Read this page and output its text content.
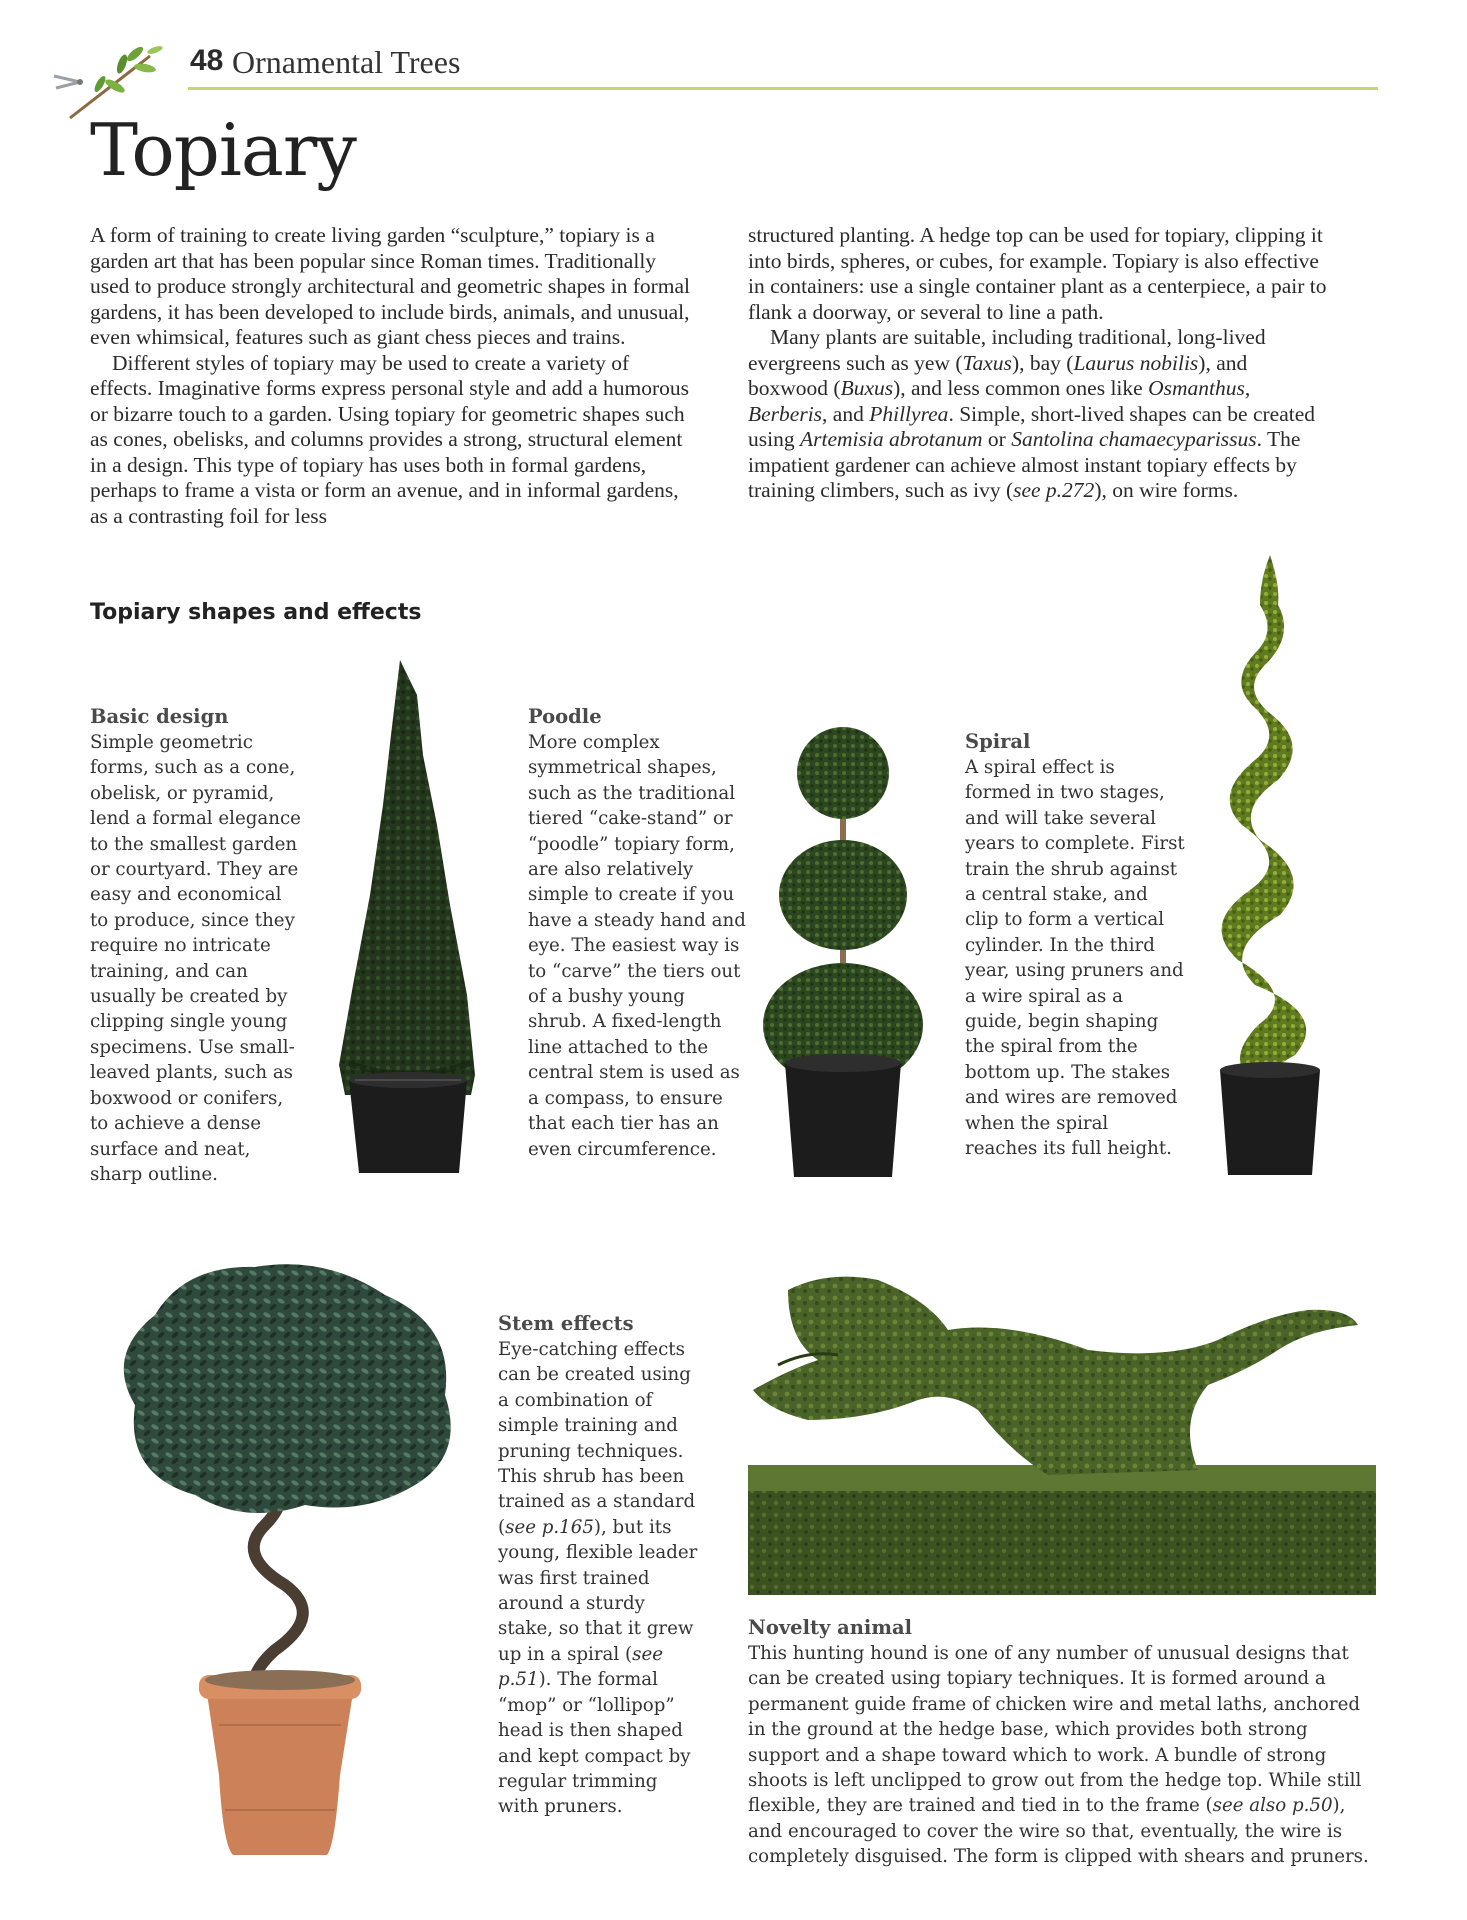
48 Ornamental Trees
Topiary

A form of training to create living garden “sculpture,” topiary is a garden art that has been popular since Roman times. Traditionally used to produce strongly architectural and geometric shapes in formal gardens, it has been developed to include birds, animals, and unusual, even whimsical, features such as giant chess pieces and trains.

Different styles of topiary may be used to create a variety of effects. Imaginative forms express personal style and add a humorous or bizarre touch to a garden. Using topiary for geometric shapes such as cones, obelisks, and columns provides a strong, structural element in a design. This type of topiary has uses both in formal gardens, perhaps to frame a vista or form an avenue, and in informal gardens, as a contrasting foil for less

structured planting. A hedge top can be used for topiary, clipping it into birds, spheres, or cubes, for example. Topiary is also effective in containers: use a single container plant as a centerpiece, a pair to flank a doorway, or several to line a path.

Many plants are suitable, including traditional, long-lived evergreens such as yew (Taxus), bay (Laurus nobilis), and boxwood (Buxus), and less common ones like Osmanthus, Berberis, and Phillyrea. Simple, short-lived shapes can be created using Artemisia abrotanum or Santolina chamaecyparissus. The impatient gardener can achieve almost instant topiary effects by training climbers, such as ivy (see p.272), on wire forms.

Topiary shapes and effects

Basic design

Simple geometric forms, such as a cone, obelisk, or pyramid, lend a formal elegance to the smallest garden or courtyard. They are easy and economical to produce, since they require no intricate training, and can usually be created by clipping single young specimens. Use small-leaved plants, such as boxwood or conifers, to achieve a dense surface and neat, sharp outline.

Poodle

More complex symmetrical shapes, such as the traditional tiered “cake-stand” or “poodle” topiary form, are also relatively simple to create if you have a steady hand and eye. The easiest way is to “carve” the tiers out of a bushy young shrub. A fixed-length line attached to the central stem is used as a compass, to ensure that each tier has an even circumference.

Spiral

A spiral effect is formed in two stages, and will take several years to complete. First train the shrub against a central stake, and clip to form a vertical cylinder. In the third year, using pruners and a wire spiral as a guide, begin shaping the spiral from the bottom up. The stakes and wires are removed when the spiral reaches its full height.

Stem effects

Eye-catching effects can be created using a combination of simple training and pruning techniques. This shrub has been trained as a standard (see p.165), but its young, flexible leader was first trained around a sturdy stake, so that it grew up in a spiral (see p.51). The formal “mop” or “lollipop” head is then shaped and kept compact by regular trimming with pruners.

Novelty animal

This hunting hound is one of any number of unusual designs that can be created using topiary techniques. It is formed around a permanent guide frame of chicken wire and metal laths, anchored in the ground at the hedge base, which provides both strong support and a shape toward which to work. A bundle of strong shoots is left unclipped to grow out from the hedge top. While still flexible, they are trained and tied in to the frame (see also p.50), and encouraged to cover the wire so that, eventually, the wire is completely disguised. The form is clipped with shears and pruners.
